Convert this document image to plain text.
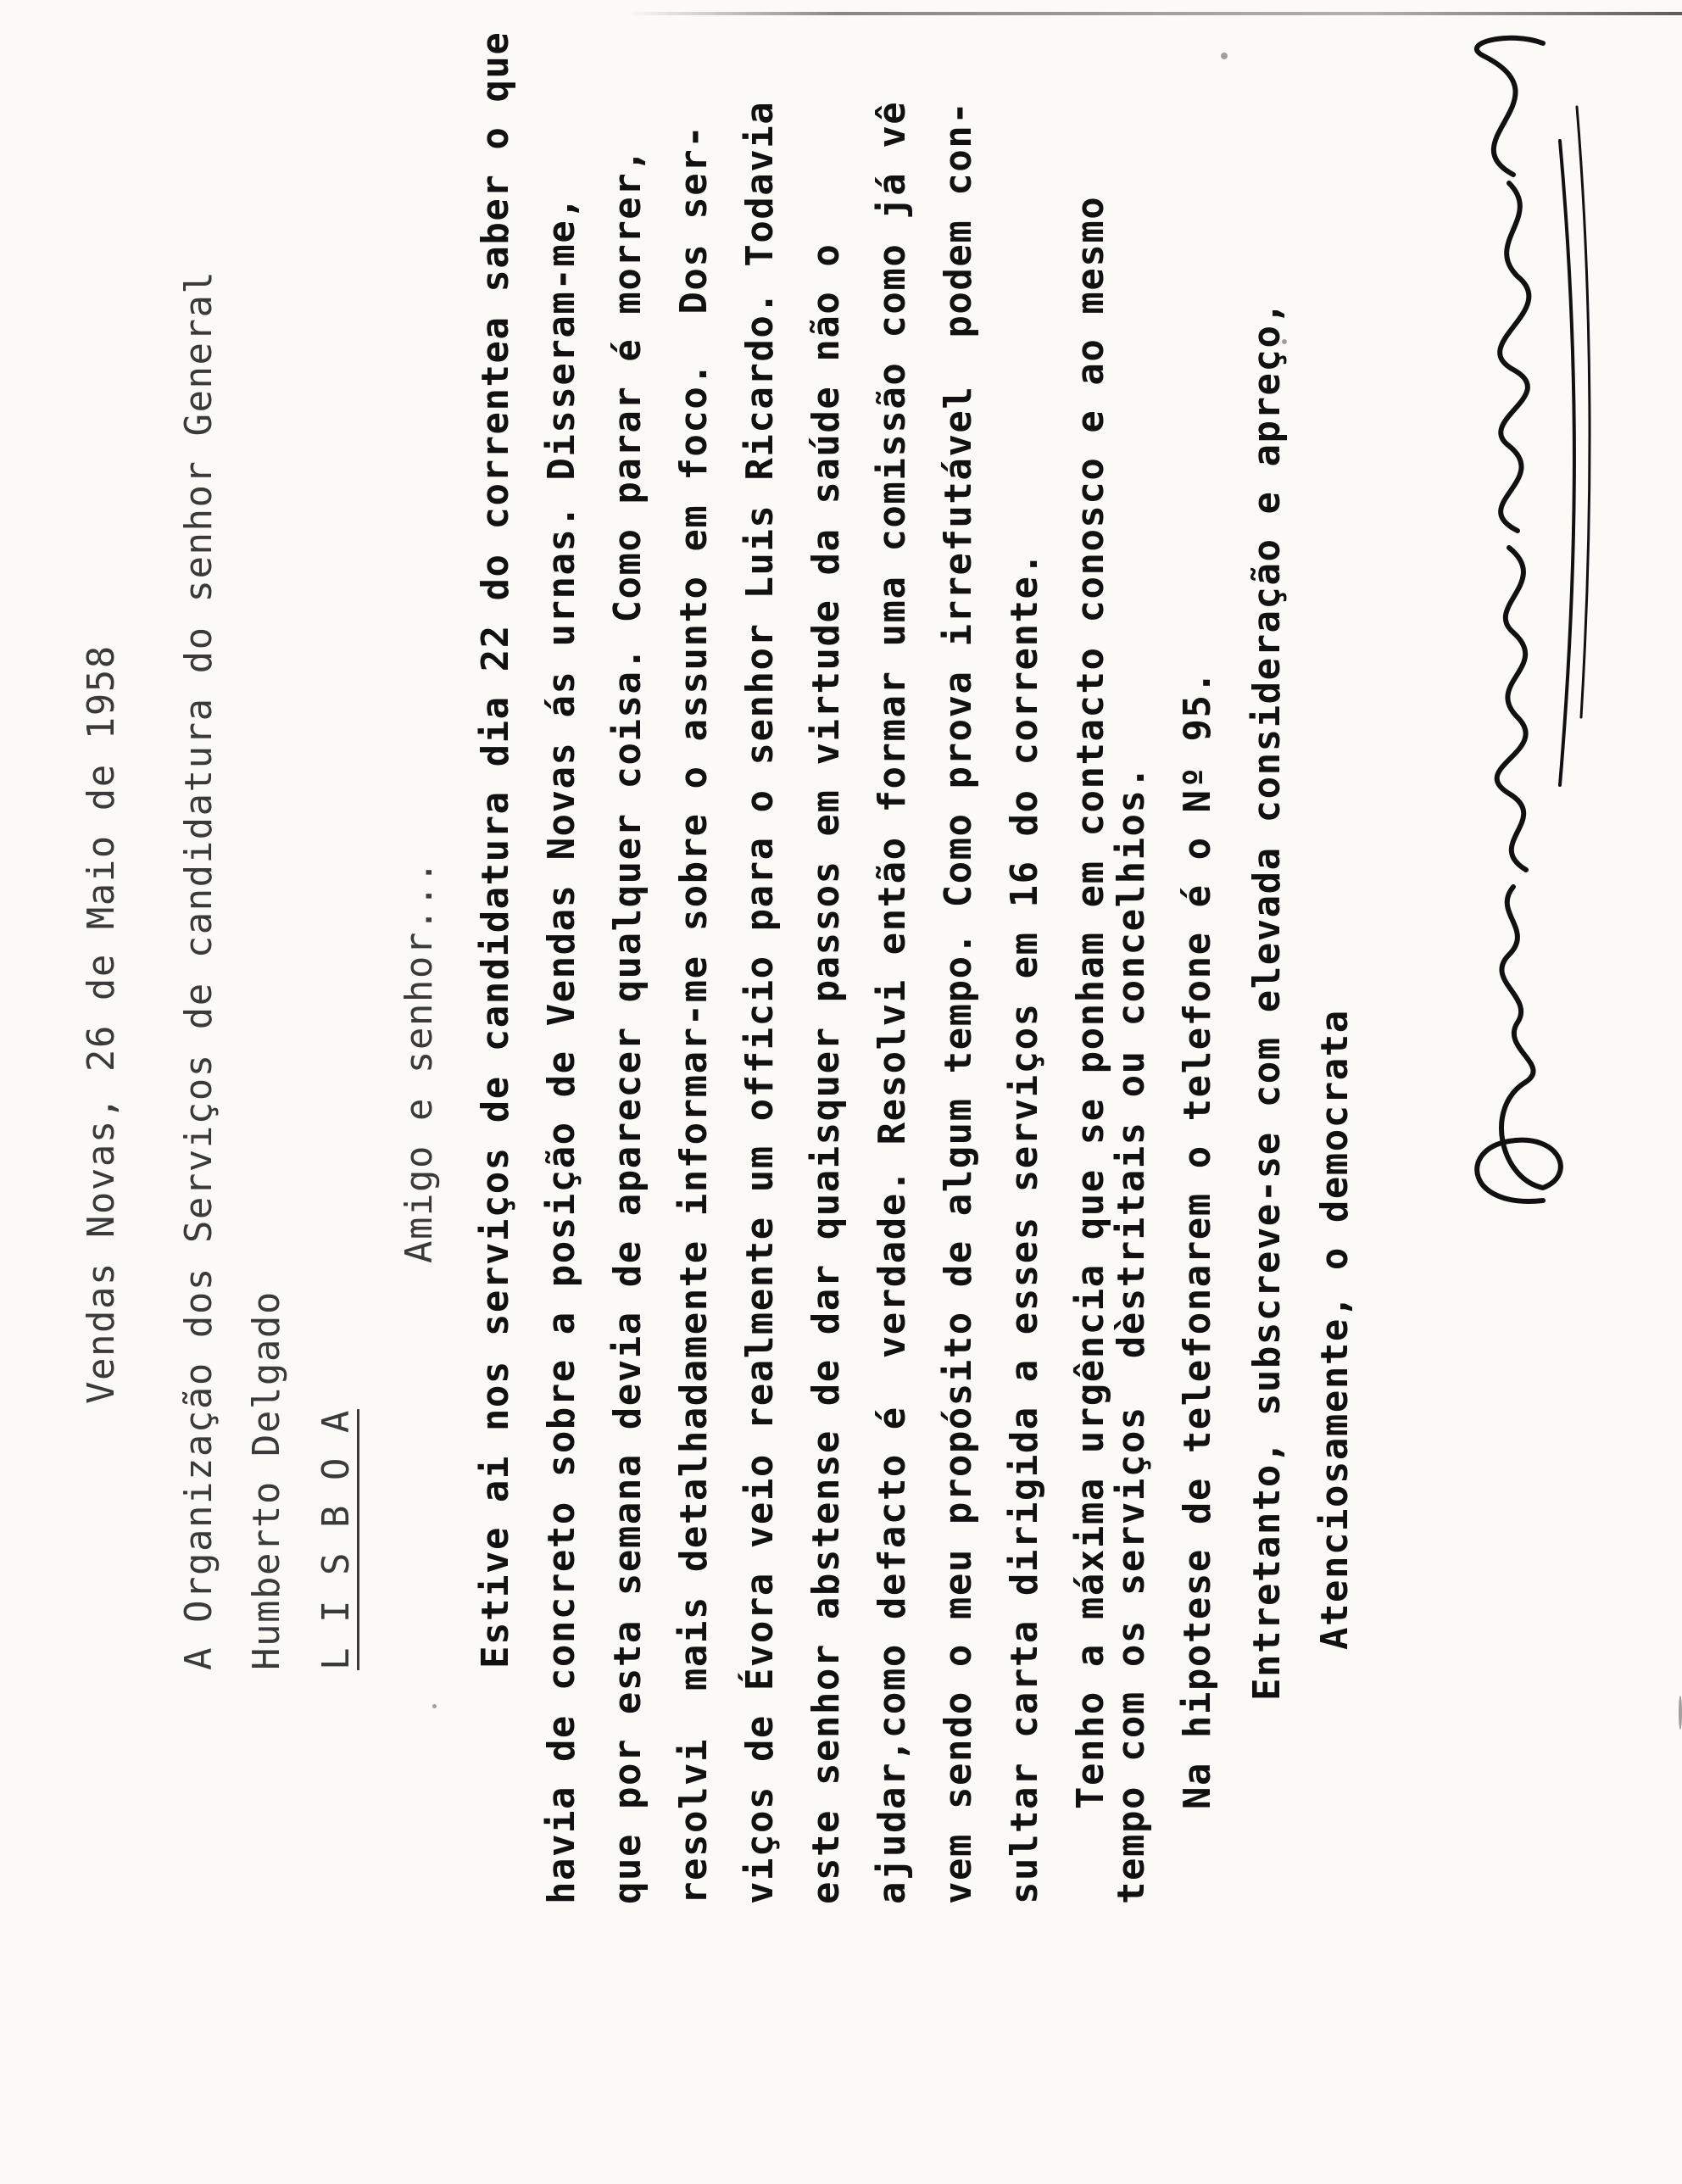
Vendas Novas, 26 de Maio de 1958 A Organização dos Serviços de candidatura do senhor General Humberto Delgado L I S B O A
Amigo e senhor... Estive ai nos serviços de candidatura dia 22 do correntea saber o que havia de concreto sobre a posição de Vendas Novas ás urnas. Disseram-me, que por esta semana devia de aparecer qualquer coisa. Como parar é morrer, resolvi  mais detalhadamente informar-me sobre o assunto em foco.  Dos ser- viços de Évora veio realmente um officio para o senhor Luis Ricardo. Todavia este senhor abstense de dar quaisquer passos em virtude da saúde não o ajudar,como defacto é  verdade. Resolvi então formar uma comissão como já vê vem sendo o meu propósito de algum tempo. Como prova irrefutável  podem con- sultar carta dirigida a esses serviços em 16 do corrente. Tenho a máxima urgência que se ponham em contacto conosco e ao mesmo
tempo com os serviços  dèstritais ou concelhios. Na hipotese de telefonarem o telefone é o Nº 95. Entretanto, subscreve-se com elevada consideração e apreço, Atenciosamente, o democrata
